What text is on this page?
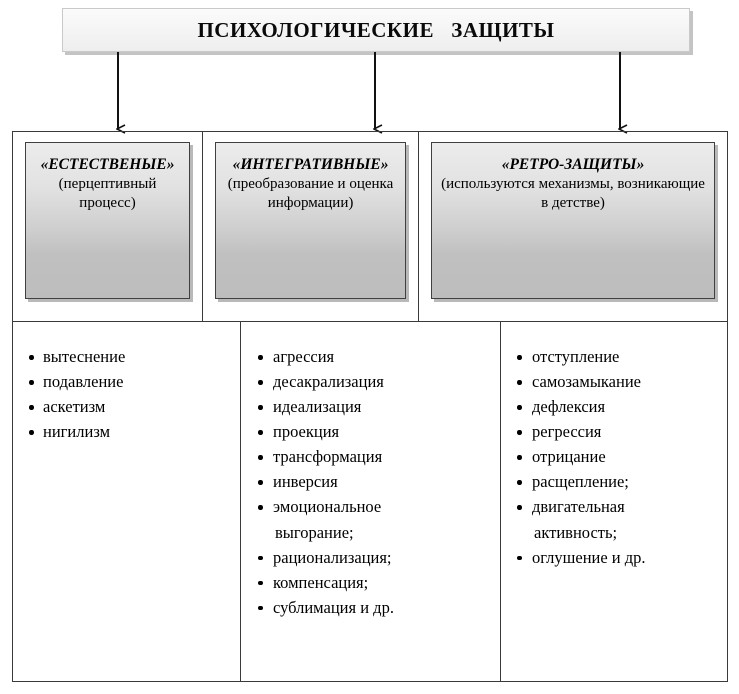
ПСИХОЛОГИЧЕСКИЕ   ЗАЩИТЫ
«ЕСТЕСТВЕНЫЕ»
(перцептивный процесс)
«ИНТЕГРАТИВНЫЕ»
(преобразование и оценка информации)
«РЕТРО-ЗАЩИТЫ»
(используются механизмы, возникающие в детстве)
вытеснение
подавление
аскетизм
нигилизм
агрессия
десакрализация
идеализация
проекция
трансформация
инверсия
эмоциональное
выгорание;
рационализация;
компенсация;
сублимация и др.
отступление
самозамыкание
дефлексия
регрессия
отрицание
расщепление;
двигательная
активность;
оглушение и др.
